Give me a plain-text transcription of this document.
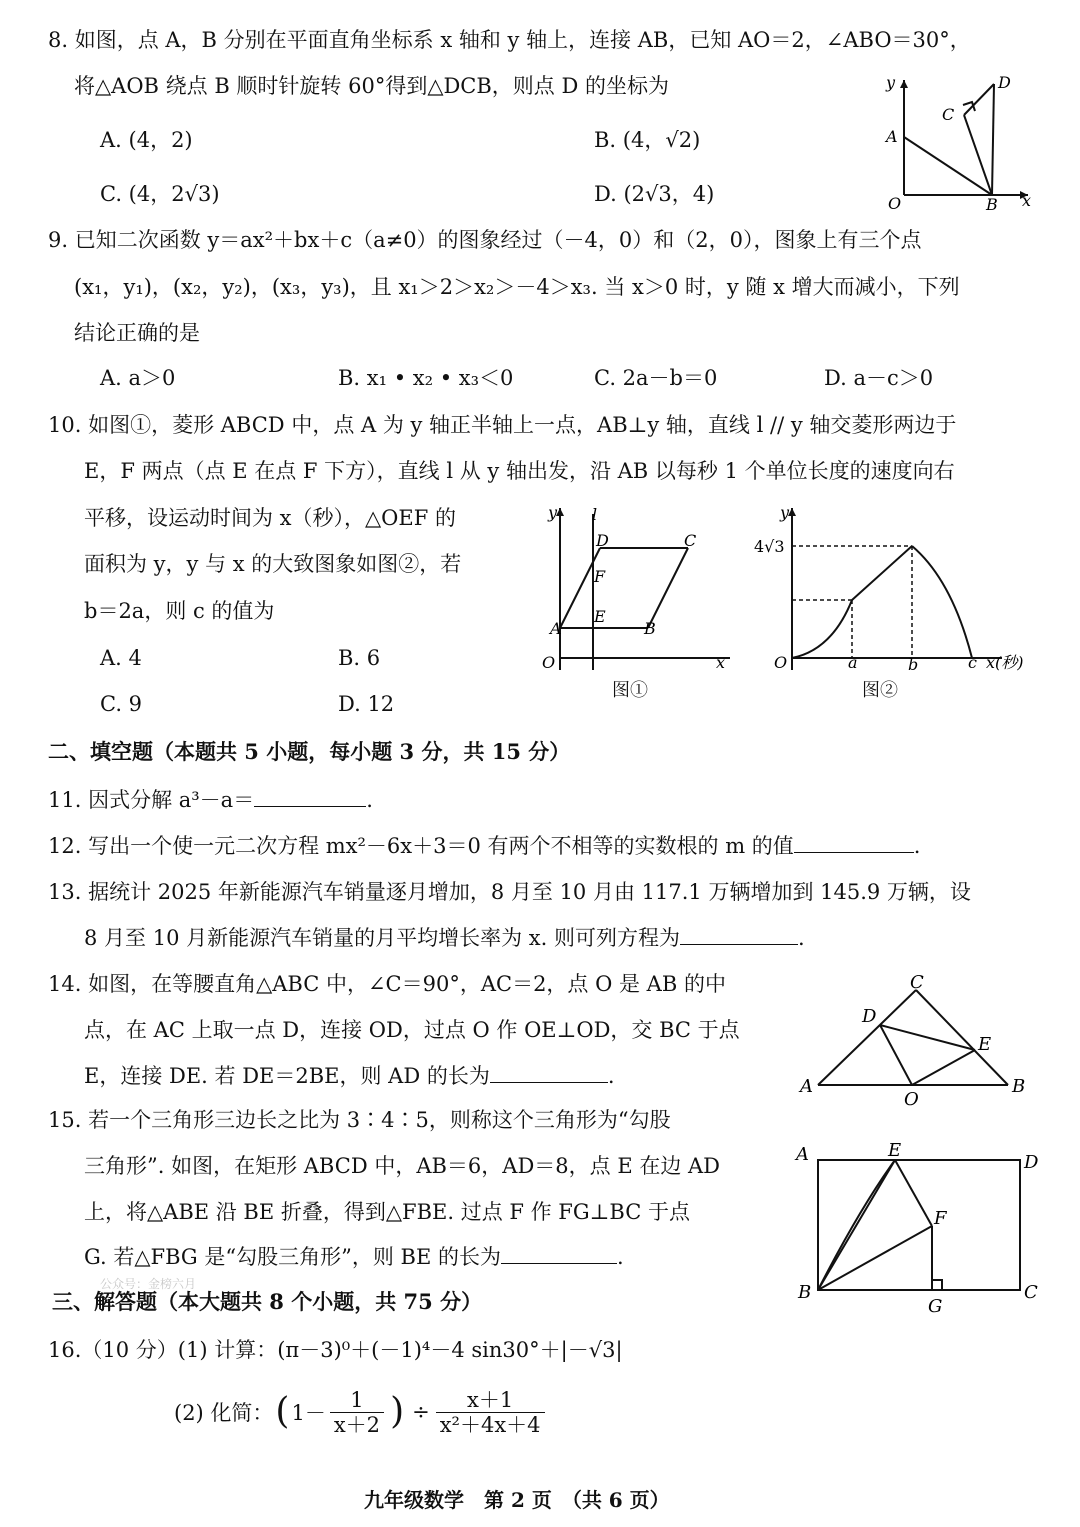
8. 如图，点 A，B 分别在平面直角坐标系 x 轴和 y 轴上，连接 AB，已知 AO＝2，∠ABO＝30°，
将△AOB 绕点 B 顺时针旋转 60°得到△DCB，则点 D 的坐标为
A. (4，2)	B. (4，√2)
C. (4，2√3)	D. (2√3，4)
y
x
O
A
B
C
D
9. 已知二次函数 y＝ax²＋bx＋c（a≠0）的图象经过（－4，0）和（2，0），图象上有三个点
(x₁，y₁)，(x₂，y₂)，(x₃，y₃)，且 x₁＞2＞x₂＞－4＞x₃. 当 x＞0 时，y 随 x 增大而减小，下列
结论正确的是
A. a＞0	B. x₁ • x₂ • x₃＜0	C. 2a－b＝0	D. a－c＞0
10. 如图①，菱形 ABCD 中，点 A 为 y 轴正半轴上一点，AB⊥y 轴，直线 l // y 轴交菱形两边于
E，F 两点（点 E 在点 F 下方），直线 l 从 y 轴出发，沿 AB 以每秒 1 个单位长度的速度向右
平移，设运动时间为 x（秒），△OEF 的
面积为 y，y 与 x 的大致图象如图②，若
b＝2a，则 c 的值为
A. 4	B. 6
C. 9	D. 12
y l
x
O
A	B
C
D
E
F
图①
y
4√3
O	a	b	c x(秒)
图②
二、填空题（本题共 5 小题，每小题 3 分，共 15 分）
11. 因式分解 a³－a＝	.
12. 写出一个使一元二次方程 mx²－6x＋3＝0 有两个不相等的实数根的 m 的值	.
13. 据统计 2025 年新能源汽车销量逐月增加，8 月至 10 月由 117.1 万辆增加到 145.9 万辆，设
8 月至 10 月新能源汽车销量的月平均增长率为 x. 则可列方程为	.
14. 如图，在等腰直角△ABC 中，∠C＝90°，AC＝2，点 O 是 AB 的中
点，在 AC 上取一点 D，连接 OD，过点 O 作 OE⊥OD，交 BC 于点
E，连接 DE. 若 DE＝2BE，则 AD 的长为	.	A	B
C
D
E
O
15. 若一个三角形三边长之比为 3∶4∶5，则称这个三角形为“勾股
三角形”. 如图，在矩形 ABCD 中，AB＝6，AD＝8，点 E 在边 AD
上，将△ABE 沿 BE 折叠，得到△FBE. 过点 F 作 FG⊥BC 于点
G. 若△FBG 是“勾股三角形”，则 BE 的长为	.
A
B	C
D
E
F
G
公众号：金榜六月
三、解答题（本大题共 8 个小题，共 75 分）
16.（10 分）(1) 计算：(π－3)⁰＋(－1)⁴－4 sin30°＋|－√3|
(2) 化简： ( $1- \frac{1}{x+2}$ ) ÷ $\frac{x+1}{\text{x²＋4x＋4}}$
九年级数学　第 2 页　（共 6 页）
